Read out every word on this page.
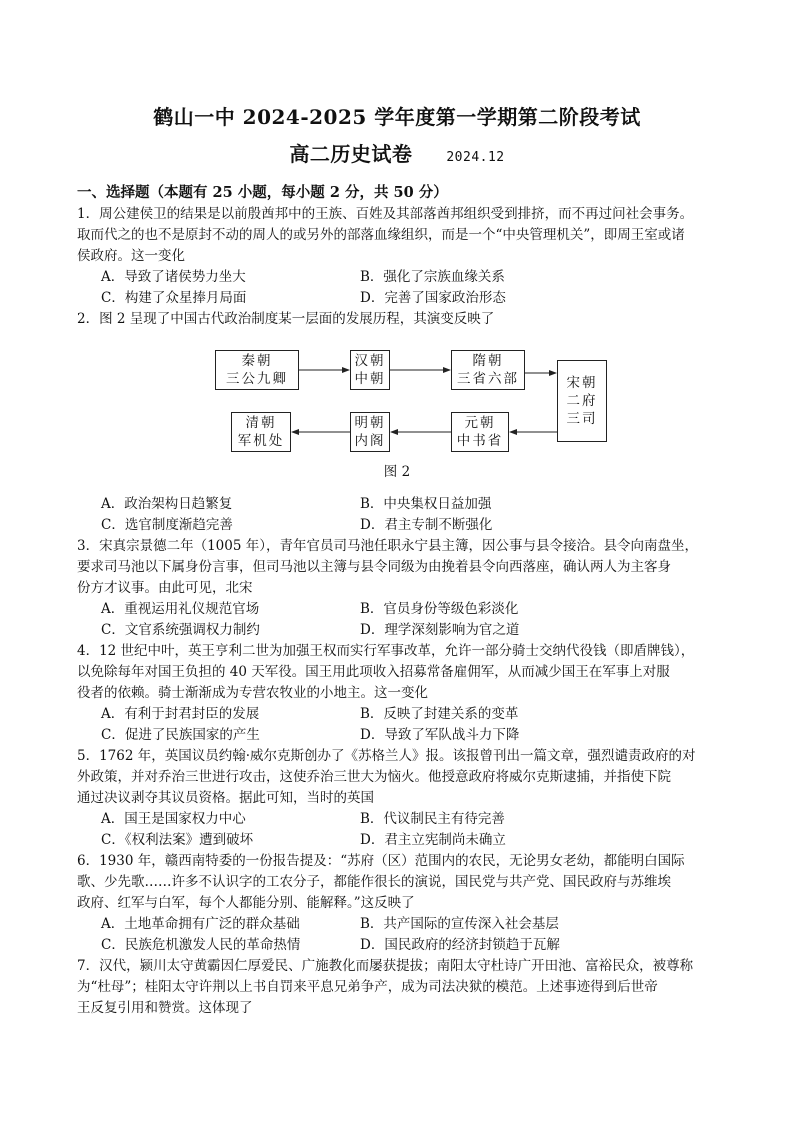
鹤山一中 2024-2025 学年度第一学期第二阶段考试
高二历史试卷	2024.12
一、选择题（本题有 25 小题，每小题 2 分，共 50 分）
1．周公建侯卫的结果是以前殷酋邦中的王族、百姓及其部落酋邦组织受到排挤，而不再过问社会事务。
取而代之的也不是原封不动的周人的或另外的部落血缘组织，而是一个“中央管理机关”，即周王室或诸
侯政府。这一变化
A．导致了诸侯势力坐大	B．强化了宗族血缘关系
C．构建了众星捧月局面	D．完善了国家政治形态
2．图 2 呈现了中国古代政治制度某一层面的发展历程，其演变反映了
秦朝
三公九卿
汉朝
中朝
隋朝
三省六部	宋朝
二府
三司
元朝
中书省
明朝
内阁
清朝
军机处
图 2
A．政治架构日趋繁复	B．中央集权日益加强
C．选官制度渐趋完善	D．君主专制不断强化
3．宋真宗景德二年（1005 年），青年官员司马池任职永宁县主簿，因公事与县令接洽。县令向南盘坐，
要求司马池以下属身份言事，但司马池以主簿与县令同级为由挽着县令向西落座，确认两人为主客身
份方才议事。由此可见，北宋
A．重视运用礼仪规范官场	B．官员身份等级色彩淡化
C．文官系统强调权力制约	D．理学深刻影响为官之道
4．12 世纪中叶，英王亨利二世为加强王权而实行军事改革，允许一部分骑士交纳代役钱（即盾牌钱），
以免除每年对国王负担的 40 天军役。国王用此项收入招募常备雇佣军，从而减少国王在军事上对服
役者的依赖。骑士渐渐成为专营农牧业的小地主。这一变化
A．有利于封君封臣的发展	B．反映了封建关系的变革
C．促进了民族国家的产生	D．导致了军队战斗力下降
5．1762 年，英国议员约翰·威尔克斯创办了《苏格兰人》报。该报曾刊出一篇文章，强烈谴责政府的对
外政策，并对乔治三世进行攻击，这使乔治三世大为恼火。他授意政府将威尔克斯逮捕，并指使下院
通过决议剥夺其议员资格。据此可知，当时的英国
A．国王是国家权力中心	B．代议制民主有待完善
C．《权利法案》遭到破坏	D．君主立宪制尚未确立
6．1930 年，赣西南特委的一份报告提及：“苏府（区）范围内的农民，无论男女老幼，都能明白国际
歌、少先歌……许多不认识字的工农分子，都能作很长的演说，国民党与共产党、国民政府与苏维埃
政府、红军与白军，每个人都能分别、能解释。”这反映了
A．土地革命拥有广泛的群众基础	B．共产国际的宣传深入社会基层
C．民族危机激发人民的革命热情	D．国民政府的经济封锁趋于瓦解
7．汉代，颍川太守黄霸因仁厚爱民、广施教化而屡获提拔；南阳太守杜诗广开田池、富裕民众，被尊称
为“杜母”；桂阳太守许荆以上书自罚来平息兄弟争产，成为司法决狱的模范。上述事迹得到后世帝
王反复引用和赞赏。这体现了
